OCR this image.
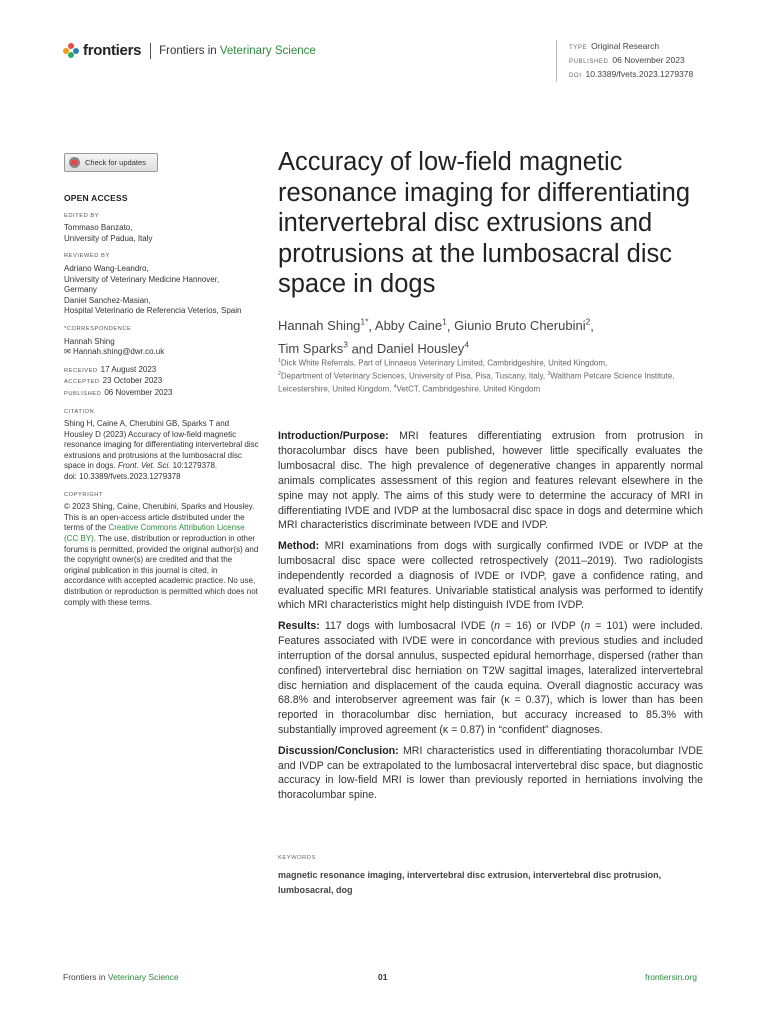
frontiers Frontiers in Veterinary Science	TYPE Original Research
PUBLISHED 06 November 2023
DOI 10.3389/fvets.2023.1279378
Check for updates
OPEN ACCESS
EDITED BY
Tommaso Banzato,
University of Padua, Italy
REVIEWED BY
Adriano Wang-Leandro,
University of Veterinary Medicine Hannover,
Germany
Daniel Sanchez-Masian,
Hospital Veterinario de Referencia Veterios, Spain
*CORRESPONDENCE
Hannah Shing
✉ Hannah.shing@dwr.co.uk
RECEIVED 17 August 2023
ACCEPTED 23 October 2023
PUBLISHED 06 November 2023
CITATION
Shing H, Caine A, Cherubini GB, Sparks T and Housley D (2023) Accuracy of low-field magnetic resonance imaging for differentiating intervertebral disc extrusions and protrusions at the lumbosacral disc space in dogs. Front. Vet. Sci. 10:1279378.
doi: 10.3389/fvets.2023.1279378
COPYRIGHT
© 2023 Shing, Caine, Cherubini, Sparks and Housley. This is an open-access article distributed under the terms of the Creative Commons Attribution License (CC BY). The use, distribution or reproduction in other forums is permitted, provided the original author(s) and the copyright owner(s) are credited and that the original publication in this journal is cited, in accordance with accepted academic practice. No use, distribution or reproduction is permitted which does not comply with these terms.
Accuracy of low-field magnetic resonance imaging for differentiating intervertebral disc extrusions and protrusions at the lumbosacral disc space in dogs
Hannah Shing$^{1*}$, Abby Caine$^1$, Giunio Bruto Cherubini$^2$,
Tim Sparks$^3$ and Daniel Housley$^4$
$^1$Dick White Referrals, Part of Linnaeus Veterinary Limited, Cambridgeshire, United Kingdom,
$^2$Department of Veterinary Sciences, University of Pisa, Pisa, Tuscany, Italy, $^3$Waltham Petcare Science Institute, Leicestershire, United Kingdom, $^4$VetCT, Cambridgeshire, United Kingdom

Introduction/Purpose: MRI features differentiating extrusion from protrusion in thoracolumbar discs have been published, however little specifically evaluates the lumbosacral disc. The high prevalence of degenerative changes in apparently normal animals complicates assessment of this region and features relevant elsewhere in the spine may not apply. The aims of this study were to determine the accuracy of MRI in differentiating IVDE and IVDP at the lumbosacral disc space in dogs and determine which MRI characteristics discriminate between IVDE and IVDP.

Method: MRI examinations from dogs with surgically confirmed IVDE or IVDP at the lumbosacral disc space were collected retrospectively (2011–2019). Two radiologists independently recorded a diagnosis of IVDE or IVDP, gave a confidence rating, and evaluated specific MRI features. Univariable statistical analysis was performed to identify which MRI characteristics might help distinguish IVDE from IVDP.

Results: 117 dogs with lumbosacral IVDE (n = 16) or IVDP (n = 101) were included. Features associated with IVDE were in concordance with previous studies and included interruption of the dorsal annulus, suspected epidural hemorrhage, dispersed (rather than confined) intervertebral disc herniation on T2W sagittal images, lateralized intervertebral disc herniation and displacement of the cauda equina. Overall diagnostic accuracy was 68.8% and interobserver agreement was fair (κ = 0.37), which is lower than has been reported in thoracolumbar disc herniation, but accuracy increased to 85.3% with substantially improved agreement (κ = 0.87) in “confident” diagnoses.

Discussion/Conclusion: MRI characteristics used in differentiating thoracolumbar IVDE and IVDP can be extrapolated to the lumbosacral intervertebral disc space, but diagnostic accuracy in low-field MRI is lower than previously reported in herniations involving the thoracolumbar spine.

KEYWORDS
magnetic resonance imaging, intervertebral disc extrusion, intervertebral disc protrusion, lumbosacral, dog
Frontiers in Veterinary Science	01	frontiersin.org
